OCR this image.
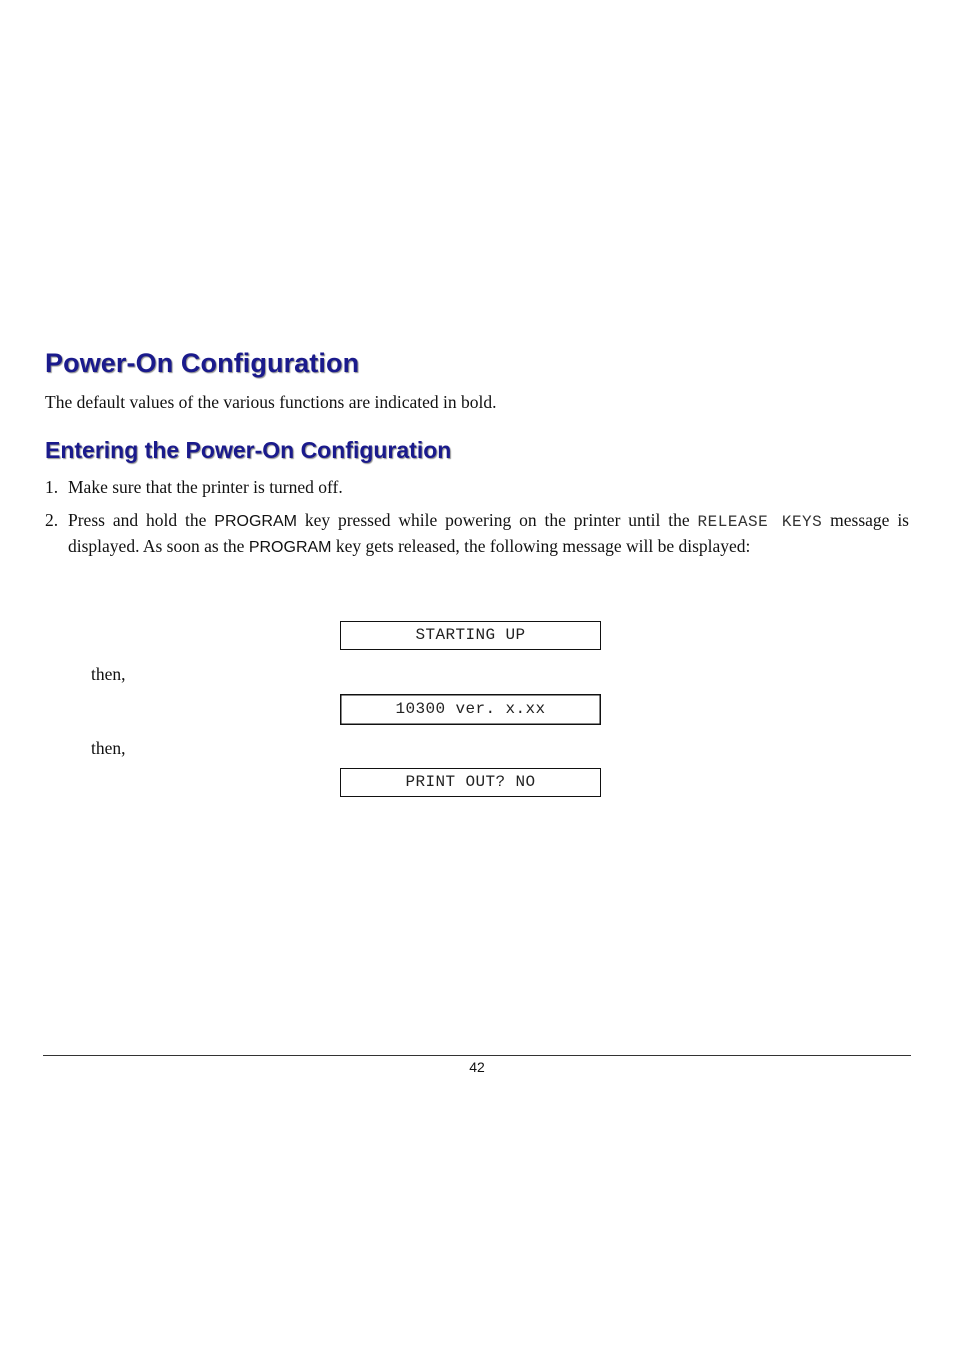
Power-On Configuration

The default values of the various functions are indicated in bold.

Entering the Power-On Configuration
1. Make sure that the printer is turned off.
2. Press and hold the PROGRAM key pressed while powering on the printer until the RELEASE KEYS message is displayed. As soon as the PROGRAM key gets released, the following message will be displayed:
STARTING UP
then,
10300 ver. x.xx
then,
PRINT OUT? NO
42
